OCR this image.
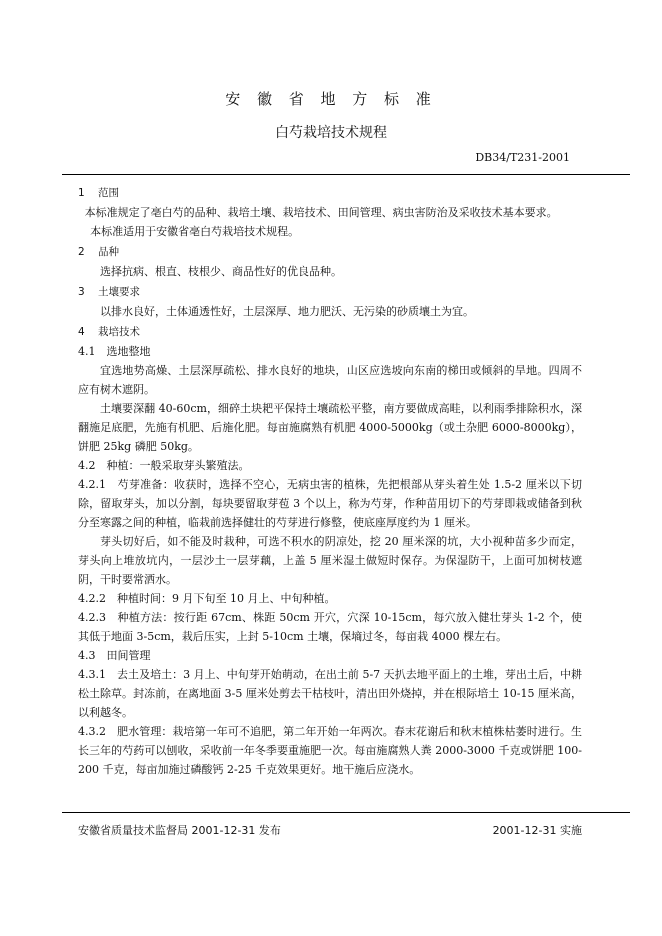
安 徽 省 地 方 标 准
白芍栽培技术规程
DB34/T231-2001
1 范围
本标准规定了亳白芍的品种、栽培土壤、栽培技术、田间管理、病虫害防治及采收技术基本要求。
本标准适用于安徽省亳白芍栽培技术规程。
2 品种
选择抗病、根直、枝根少、商品性好的优良品种。
3 土壤要求
以排水良好，土体通透性好，土层深厚、地力肥沃、无污染的砂质壤土为宜。
4 栽培技术
4.1　选地整地
宜选地势高燥、土层深厚疏松、排水良好的地块，山区应选坡向东南的梯田或倾斜的旱地。四周不应有树木遮阴。
土壤要深翻 40-60cm，细碎土块耙平保持土壤疏松平整，南方要做成高畦，以利雨季排除积水，深翻施足底肥，先施有机肥、后施化肥。每亩施腐熟有机肥 4000-5000kg（或土杂肥 6000-8000kg），饼肥 25kg 磷肥 50kg。
4.2　种植：一般采取芽头繁殖法。
4.2.1　芍芽准备：收获时，选择不空心，无病虫害的植株，先把根部从芽头着生处 1.5-2 厘米以下切除，留取芽头，加以分割，每块要留取芽苞 3 个以上，称为芍芽，作种苗用切下的芍芽即栽或储备到秋分至寒露之间的种植，临栽前选择健壮的芍芽进行修整，使底座厚度约为 1 厘米。
芽头切好后，如不能及时栽种，可选不积水的阴凉处，挖 20 厘米深的坑，大小视种苗多少而定，芽头向上堆放坑内，一层沙土一层芽藕，上盖 5 厘米湿土做短时保存。为保湿防干，上面可加树枝遮阴，干时要常洒水。
4.2.2　种植时间：9 月下旬至 10 月上、中旬种植。
4.2.3　种植方法：按行距 67cm、株距 50cm 开穴，穴深 10-15cm，每穴放入健壮芽头 1-2 个，使其低于地面 3-5cm，栽后压实，上封 5-10cm 土壤，保墒过冬，每亩栽 4000 棵左右。
4.3　田间管理
4.3.1　去土及培土：3 月上、中旬芽开始萌动，在出土前 5-7 天扒去地平面上的土堆，芽出土后，中耕松土除草。封冻前，在离地面 3-5 厘米处剪去干枯枝叶，清出田外烧掉，并在根际培土 10-15 厘米高，以利越冬。
4.3.2　肥水管理：栽培第一年可不追肥，第二年开始一年两次。春末花谢后和秋末植株枯萎时进行。生长三年的芍药可以刨收，采收前一年冬季要重施肥一次。每亩施腐熟人粪 2000-3000 千克或饼肥 100-200 千克，每亩加施过磷酸钙 2-25 千克效果更好。地干施后应浇水。
安徽省质量技术监督局 2001-12-31 发布	2001-12-31 实施
